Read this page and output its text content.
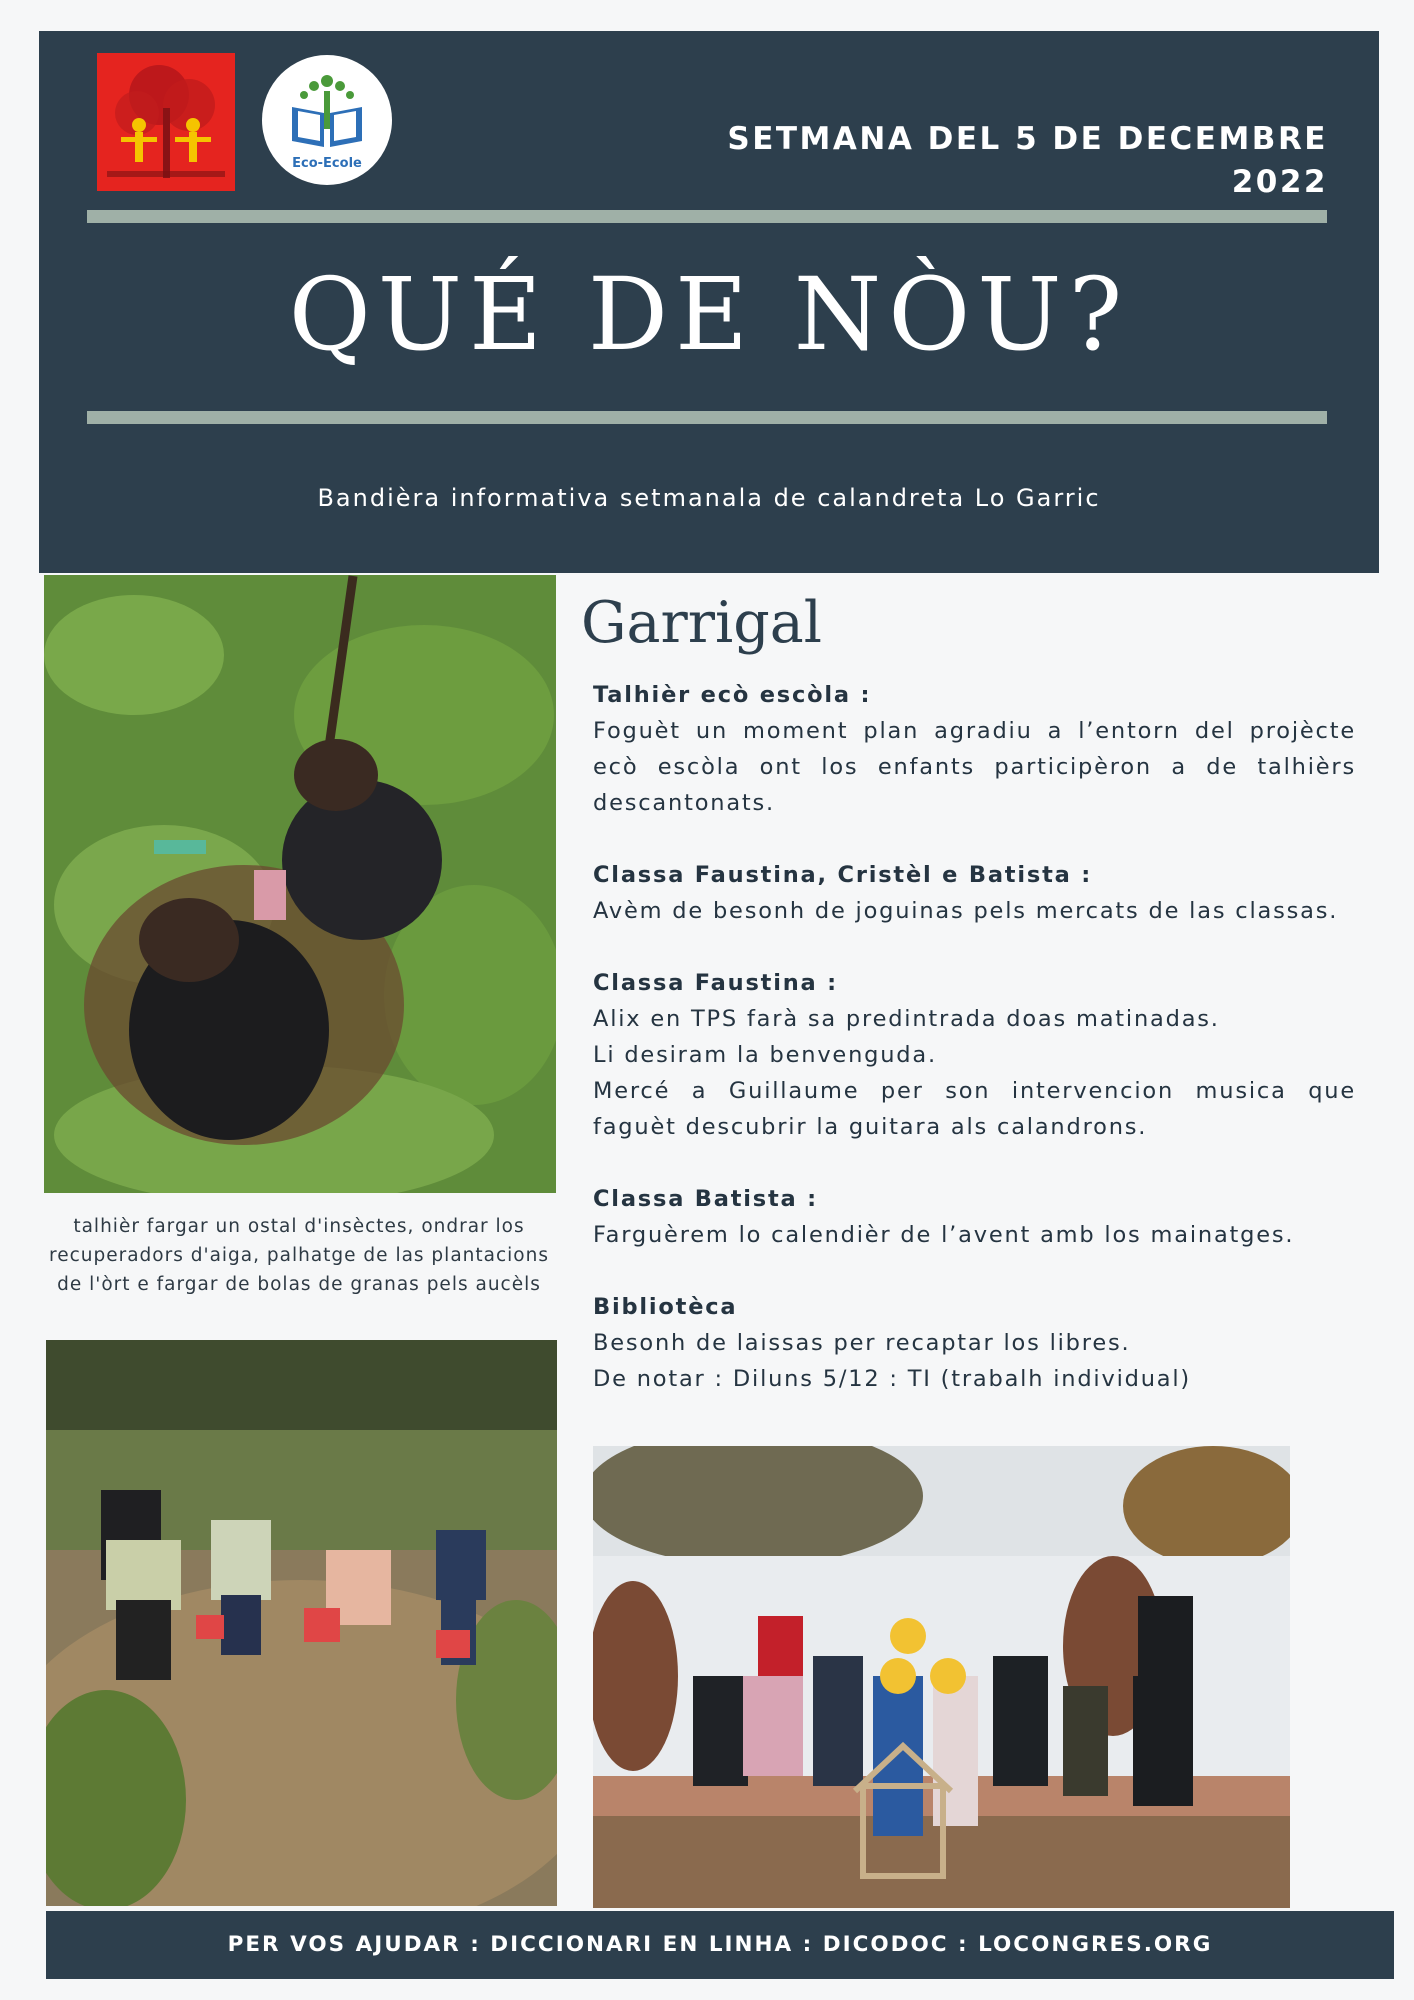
Eco-Ecole
SETMANA DEL 5 DE DECEMBRE
2022
QUÉ DE NÒU?
Bandièra informativa setmanala de calandreta Lo Garric
talhièr fargar un ostal d'insèctes, ondrar los recuperadors d'aiga, palhatge de las plantacions de l'òrt e fargar de bolas de granas pels aucèls
Garrigal
Talhièr ecò escòla :

Foguèt un moment plan agradiu a l’entorn del projècte ecò escòla ont los enfants participèron a de talhièrs descantonats.

Classa Faustina, Cristèl e Batista :

Avèm de besonh de joguinas pels mercats de las classas.

Classa Faustina :

Alix en TPS farà sa predintrada doas matinadas.

Li desiram la benvenguda.

Mercé a Guillaume per son intervencion musica que faguèt descubrir la guitara als calandrons.

Classa Batista :

Farguèrem lo calendièr de l’avent amb los mainatges.

Bibliotèca

Besonh de laissas per recaptar los libres.

De notar : Diluns 5/12 : TI (trabalh individual)

PER VOS AJUDAR : DICCIONARI EN LINHA : DICODOC : LOCONGRES.ORG
